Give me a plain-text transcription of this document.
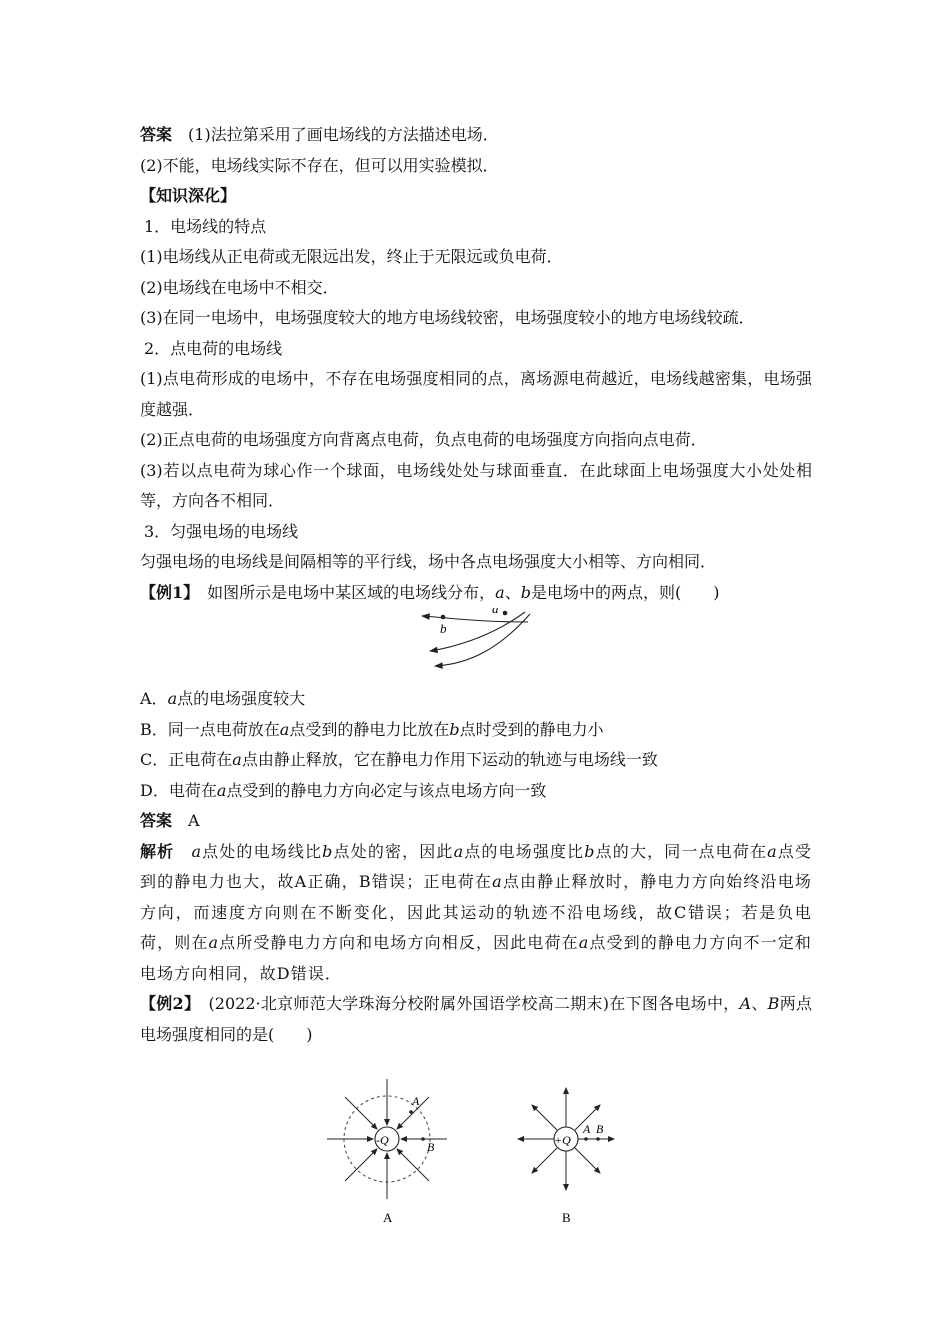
答案　 (1)法拉第采用了画电场线的方法描述电场．
(2)不能，电场线实际不存在，但可以用实验模拟．
【知识深化】
1．电场线的特点
(1)电场线从正电荷或无限远出发，终止于无限远或负电荷．
(2)电场线在电场中不相交．
(3)在同一电场中，电场强度较大的地方电场线较密，电场强度较小的地方电场线较疏．
2．点电荷的电场线
(1)点电荷形成的电场中，不存在电场强度相同的点，离场源电荷越近，电场线越密集，电场强度越强．
(2)正点电荷的电场强度方向背离点电荷，负点电荷的电场强度方向指向点电荷．
(3)若以点电荷为球心作一个球面，电场线处处与球面垂直．在此球面上电场强度大小处处相等，方向各不相同．
3．匀强电场的电场线
匀强电场的电场线是间隔相等的平行线，场中各点电场强度大小相等、方向相同．
【例1】　如图所示是电场中某区域的电场线分布，a、b是电场中的两点，则(　　)
b
a
A．a点的电场强度较大
B．同一点电荷放在a点受到的静电力比放在b点时受到的静电力小
C．正电荷在a点由静止释放，它在静电力作用下运动的轨迹与电场线一致
D．电荷在a点受到的静电力方向必定与该点电场方向一致
答案　 A
解析　 a点处的电场线比b点处的密，因此a点的电场强度比b点的大，同一点电荷在a点受到的静电力也大，故A正确，B错误；正电荷在a点由静止释放时，静电力方向始终沿电场方向，而速度方向则在不断变化，因此其运动的轨迹不沿电场线，故C错误；若是负电荷，则在a点所受静电力方向和电场方向相反，因此电荷在a点受到的静电力方向不一定和电场方向相同，故D错误．
【例2】　(2022·北京师范大学珠海分校附属外国语学校高二期末)在下图各电场中，A、B两点电场强度相同的是(　　)
-Q
A
B
A
+Q
A B
B
